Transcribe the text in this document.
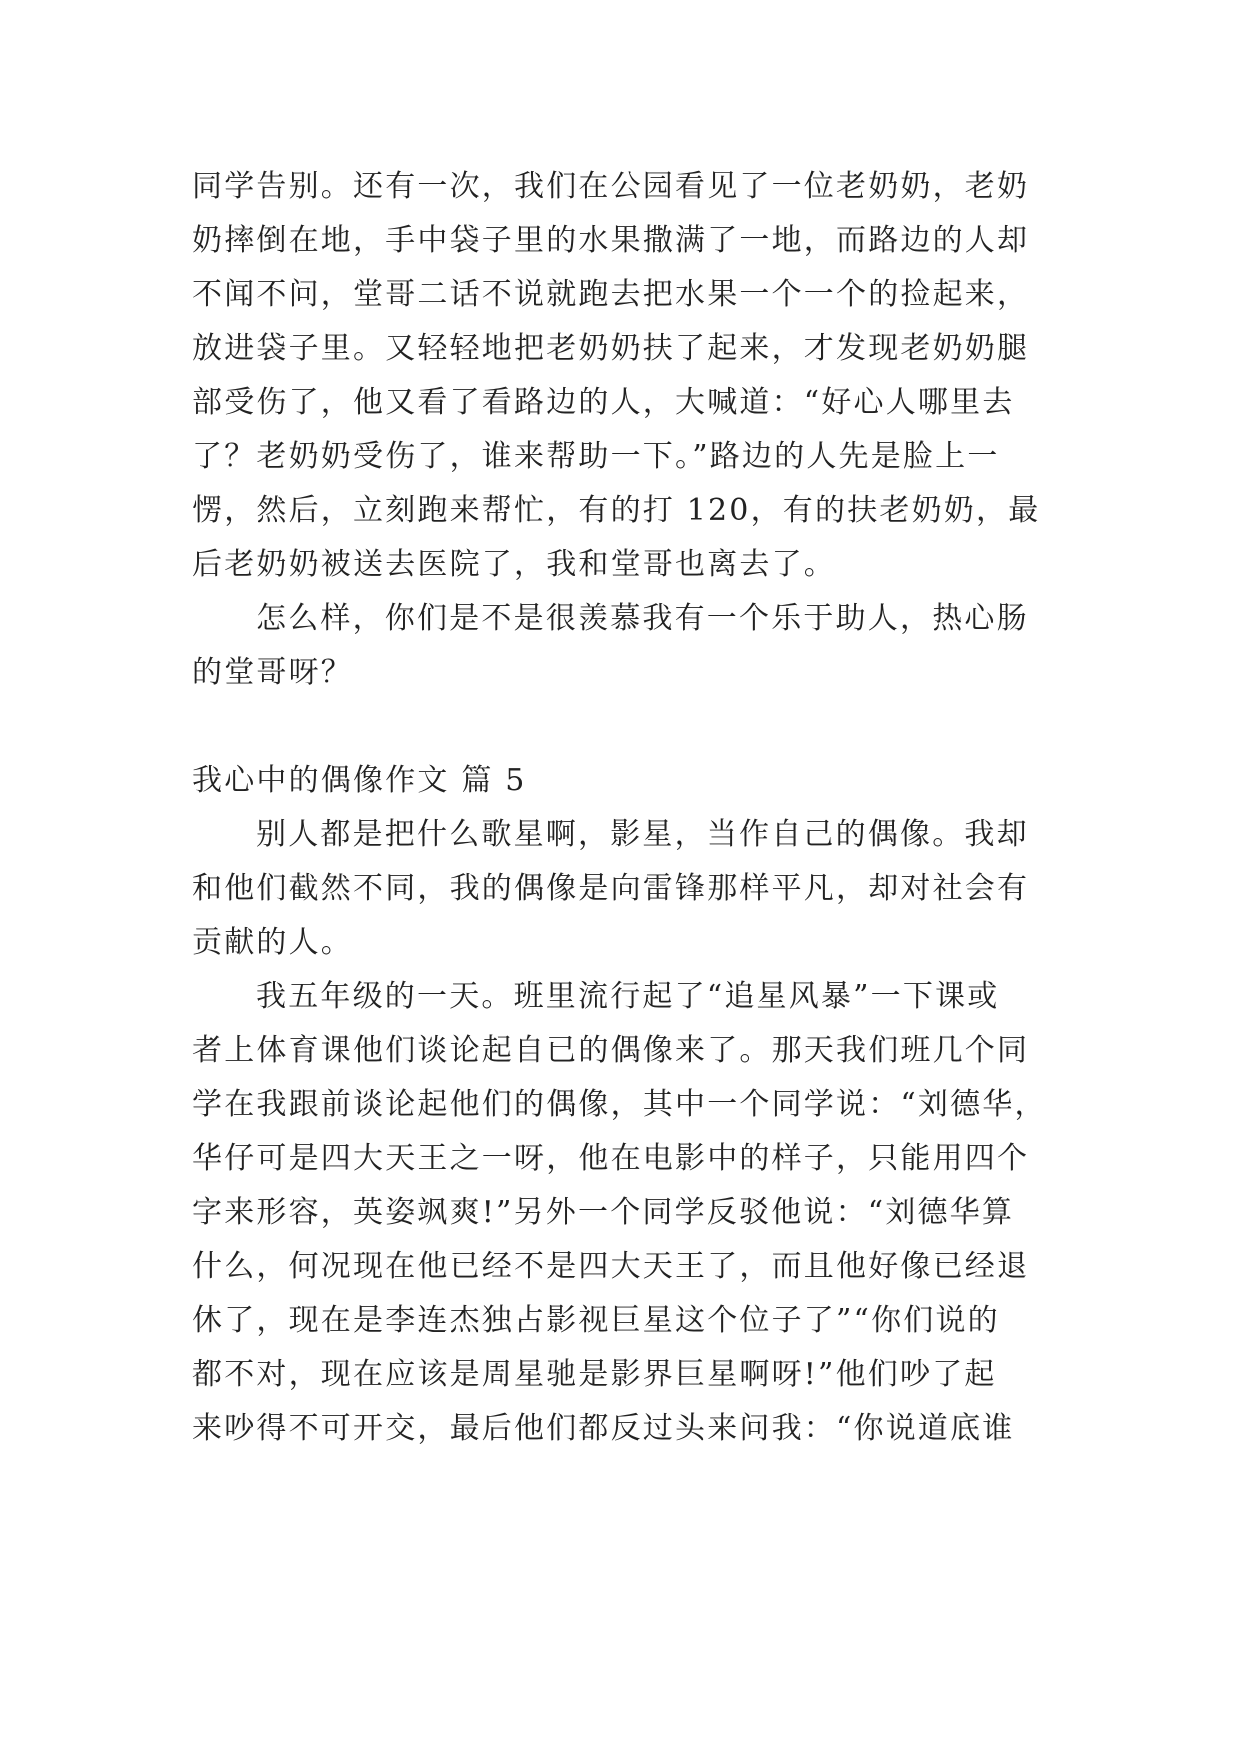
同学告别。还有一次，我们在公园看见了一位老奶奶，老奶
奶摔倒在地，手中袋子里的水果撒满了一地，而路边的人却
不闻不问，堂哥二话不说就跑去把水果一个一个的捡起来，
放进袋子里。又轻轻地把老奶奶扶了起来，才发现老奶奶腿
部受伤了，他又看了看路边的人，大喊道：“好心人哪里去
了？老奶奶受伤了，谁来帮助一下。”路边的人先是脸上一
愣，然后，立刻跑来帮忙，有的打 120，有的扶老奶奶，最
后老奶奶被送去医院了，我和堂哥也离去了。
怎么样，你们是不是很羡慕我有一个乐于助人，热心肠
的堂哥呀？
我心中的偶像作文 篇 5
别人都是把什么歌星啊，影星，当作自己的偶像。我却
和他们截然不同，我的偶像是向雷锋那样平凡，却对社会有
贡献的人。
我五年级的一天。班里流行起了“追星风暴”一下课或
者上体育课他们谈论起自已的偶像来了。那天我们班几个同
学在我跟前谈论起他们的偶像，其中一个同学说：“刘德华，
华仔可是四大天王之一呀，他在电影中的样子，只能用四个
字来形容，英姿飒爽!”另外一个同学反驳他说：“刘德华算
什么，何况现在他已经不是四大天王了，而且他好像已经退
休了，现在是李连杰独占影视巨星这个位子了”“你们说的
都不对，现在应该是周星驰是影界巨星啊呀!”他们吵了起
来吵得不可开交，最后他们都反过头来问我：“你说道底谁
